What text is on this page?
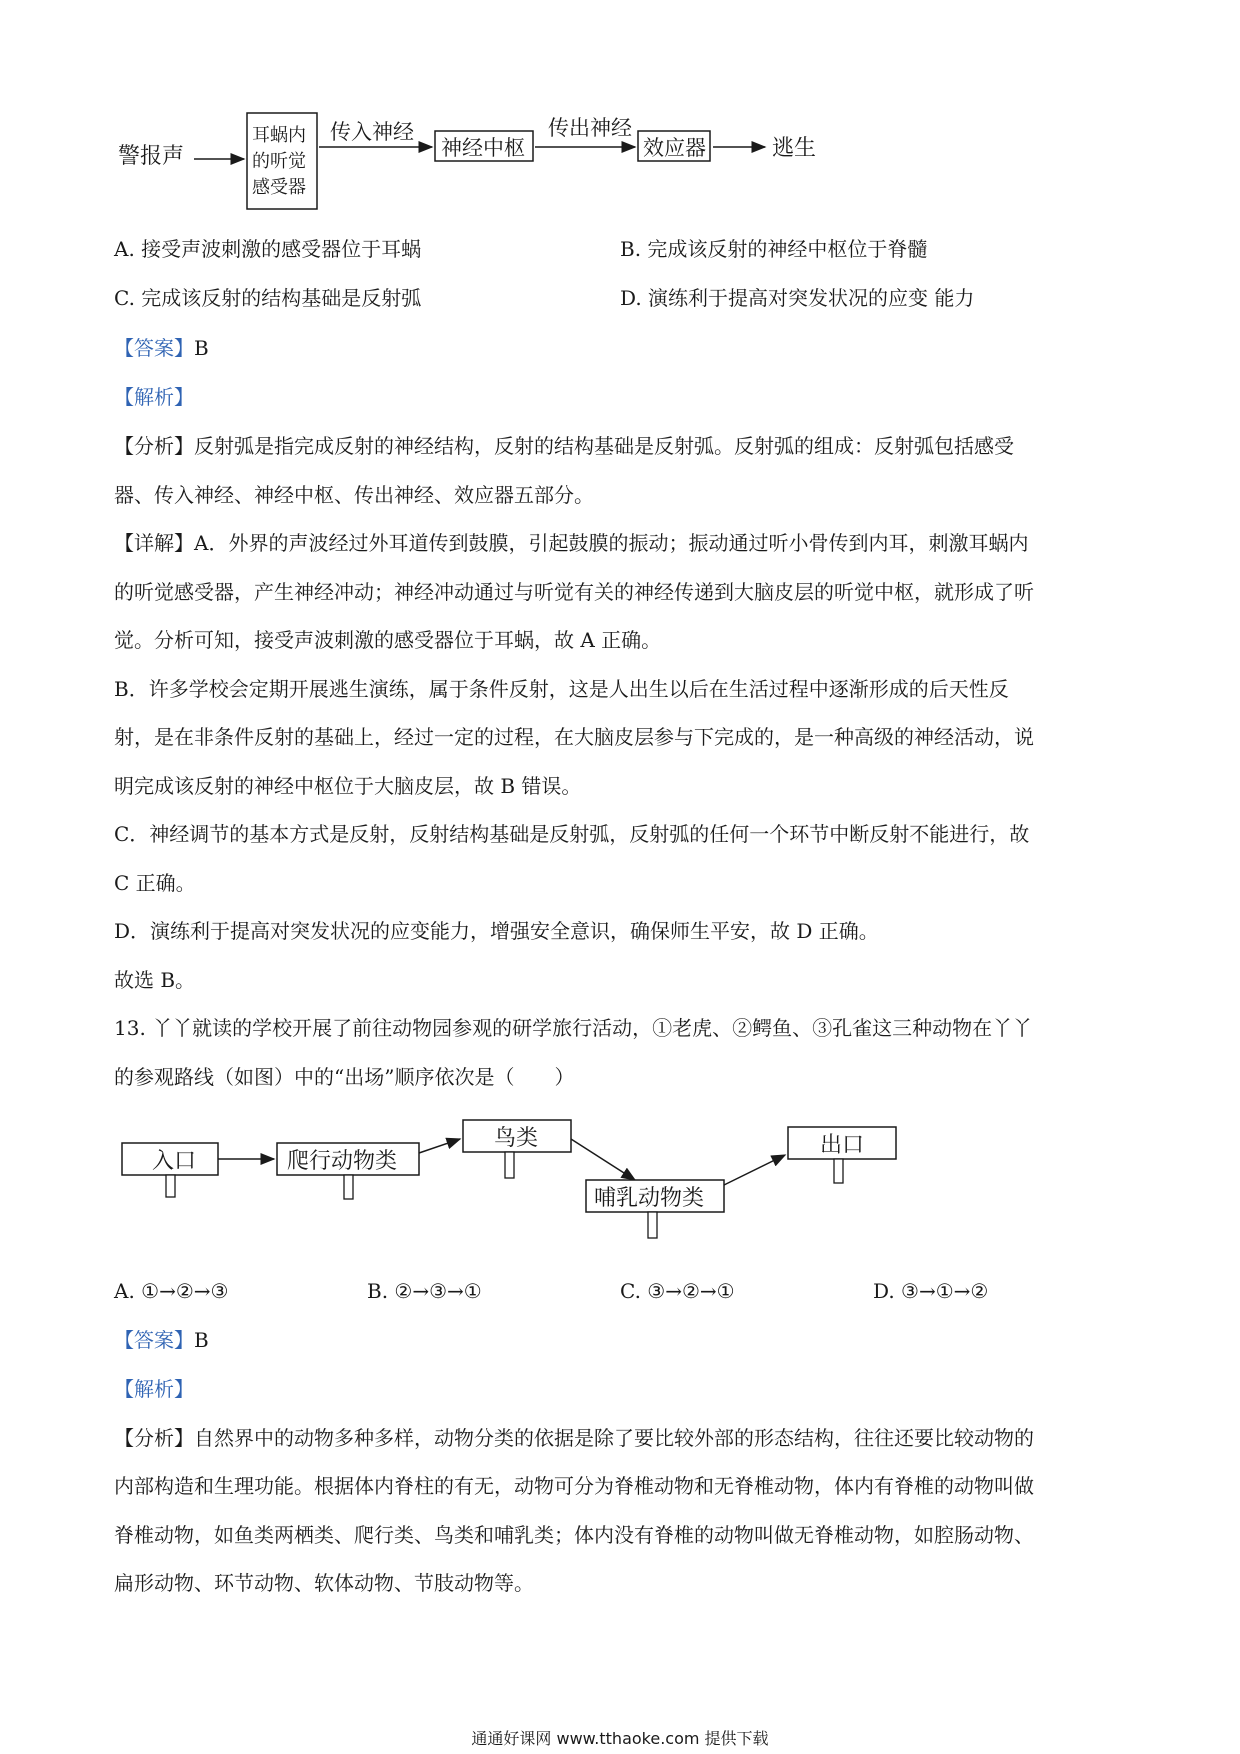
警报声
耳蜗内
的听觉
感受器
传入神经
神经中枢
传出神经
效应器	逃生
A. 接受声波刺激的感受器位于耳蜗	B. 完成该反射的神经中枢位于脊髓
C. 完成该反射的结构基础是反射弧	D. 演练利于提高对突发状况的应变 能力
【答案】B
【解析】
【分析】反射弧是指完成反射的神经结构，反射的结构基础是反射弧。反射弧的组成：反射弧包括感受
器、传入神经、神经中枢、传出神经、效应器五部分。
【详解】A．外界的声波经过外耳道传到鼓膜，引起鼓膜的振动；振动通过听小骨传到内耳，刺激耳蜗内
的听觉感受器，产生神经冲动；神经冲动通过与听觉有关的神经传递到大脑皮层的听觉中枢，就形成了听
觉。分析可知，接受声波刺激的感受器位于耳蜗，故 A 正确。
B．许多学校会定期开展逃生演练，属于条件反射，这是人出生以后在生活过程中逐渐形成的后天性反
射，是在非条件反射的基础上，经过一定的过程，在大脑皮层参与下完成的，是一种高级的神经活动，说
明完成该反射的神经中枢位于大脑皮层，故 B 错误。
C．神经调节的基本方式是反射，反射结构基础是反射弧，反射弧的任何一个环节中断反射不能进行，故
C 正确。
D．演练利于提高对突发状况的应变能力，增强安全意识，确保师生平安，故 D 正确。
故选 B。
13. 丫丫就读的学校开展了前往动物园参观的研学旅行活动，①老虎、②鳄鱼、③孔雀这三种动物在丫丫
的参观路线（如图）中的“出场”顺序依次是（　　）
入口	爬行动物类
鸟类
哺乳动物类
出口
A. ①→②→③	B. ②→③→①	C. ③→②→①	D. ③→①→②
【答案】B
【解析】
【分析】自然界中的动物多种多样，动物分类的依据是除了要比较外部的形态结构，往往还要比较动物的
内部构造和生理功能。根据体内脊柱的有无，动物可分为脊椎动物和无脊椎动物，体内有脊椎的动物叫做
脊椎动物，如鱼类两栖类、爬行类、鸟类和哺乳类；体内没有脊椎的动物叫做无脊椎动物，如腔肠动物、
扁形动物、环节动物、软体动物、节肢动物等。
通通好课网 www.tthaoke.com 提供下载
